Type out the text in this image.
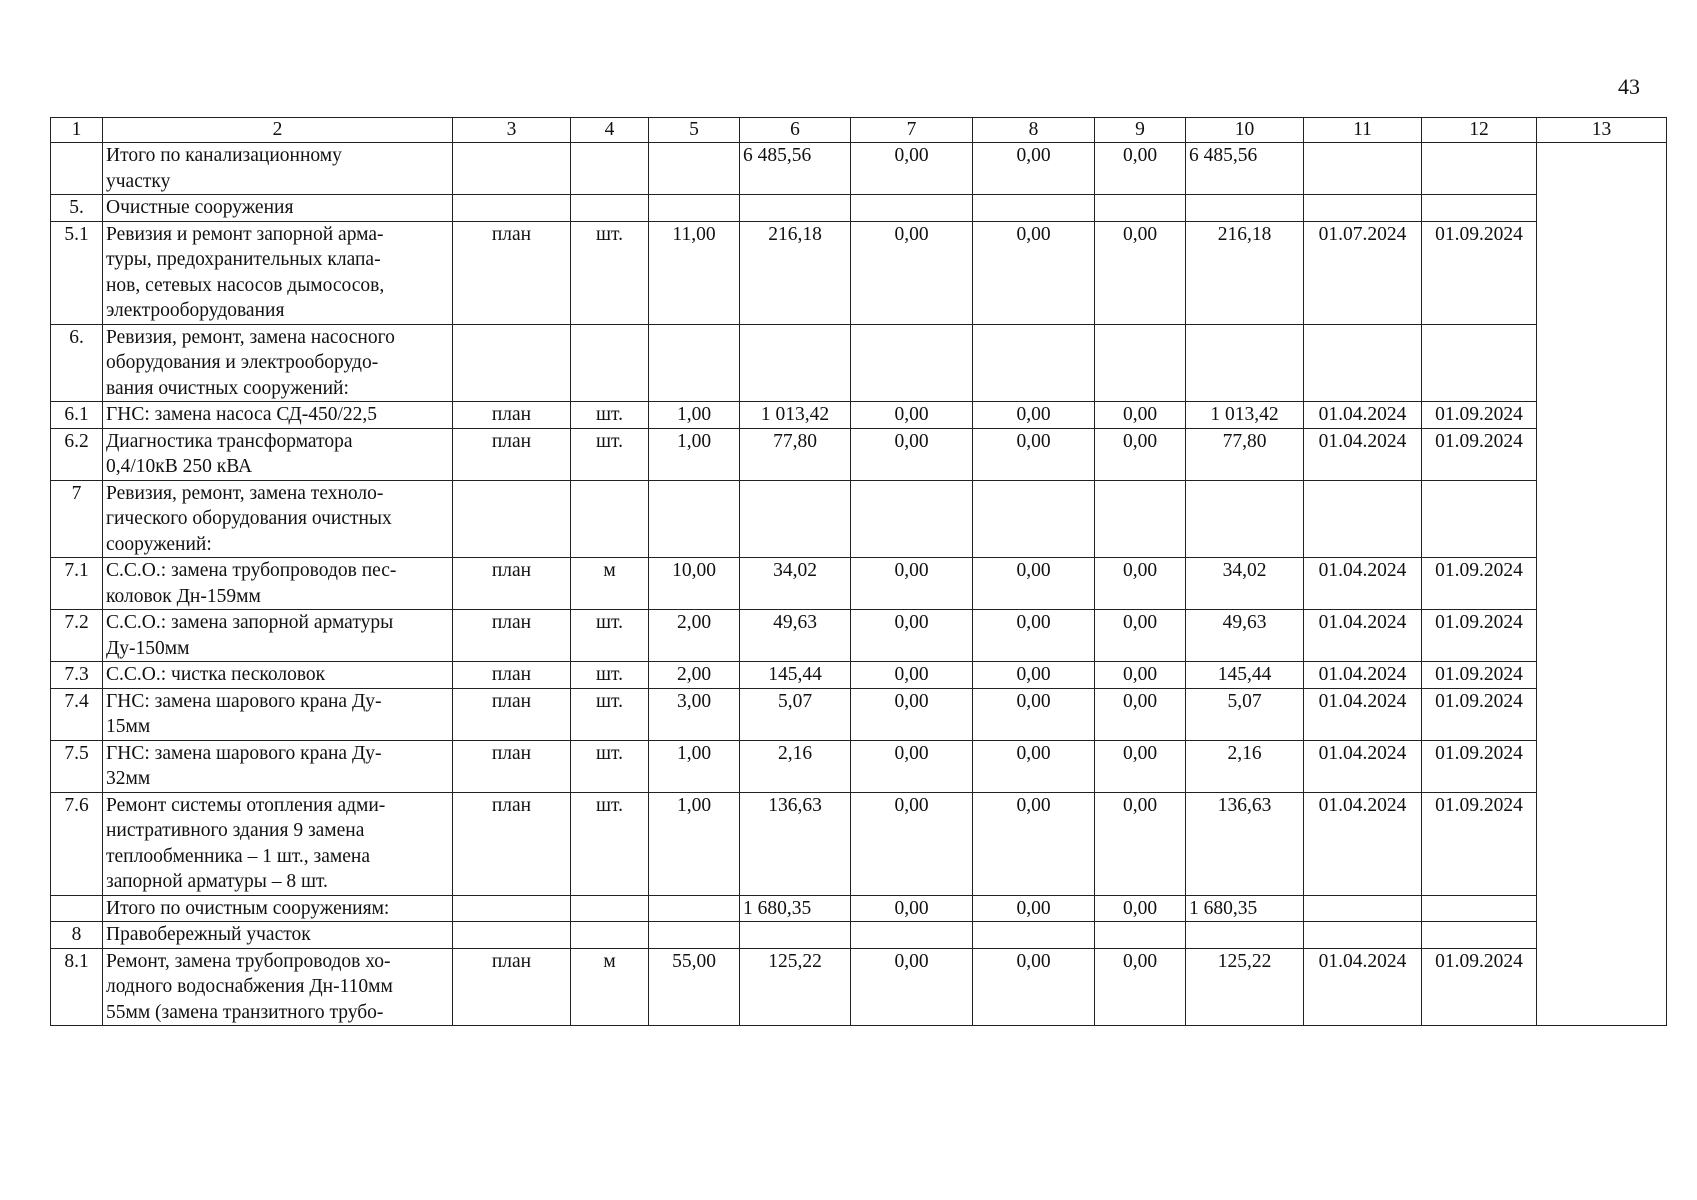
43
1	2	3	4	5	6	7	8	9	10	11	12	13
	Итого по канализационному
участку				6 485,56	0,00	0,00	0,00	6 485,56			
5.	Очистные сооружения											
5.1	Ревизия и ремонт запорной арма-
туры, предохранительных клапа-
нов, сетевых насосов дымососов,
электрооборудования	план	шт.	11,00	216,18	0,00	0,00	0,00	216,18	01.07.2024	01.09.2024	
6.	Ревизия, ремонт, замена насосного
оборудования и электрооборудо-
вания очистных сооружений:											
6.1	ГНС: замена насоса СД-450/22,5	план	шт.	1,00	1 013,42	0,00	0,00	0,00	1 013,42	01.04.2024	01.09.2024	
6.2	Диагностика трансформатора
0,4/10кВ 250 кВА	план	шт.	1,00	77,80	0,00	0,00	0,00	77,80	01.04.2024	01.09.2024	
7	Ревизия, ремонт, замена техноло-
гического оборудования очистных
сооружений:											
7.1	С.С.О.: замена трубопроводов пес-
коловок Дн-159мм	план	м	10,00	34,02	0,00	0,00	0,00	34,02	01.04.2024	01.09.2024	
7.2	С.С.О.: замена запорной арматуры
Ду-150мм	план	шт.	2,00	49,63	0,00	0,00	0,00	49,63	01.04.2024	01.09.2024	
7.3	С.С.О.: чистка песколовок	план	шт.	2,00	145,44	0,00	0,00	0,00	145,44	01.04.2024	01.09.2024	
7.4	ГНС: замена шарового крана Ду-
15мм	план	шт.	3,00	5,07	0,00	0,00	0,00	5,07	01.04.2024	01.09.2024	
7.5	ГНС: замена шарового крана Ду-
32мм	план	шт.	1,00	2,16	0,00	0,00	0,00	2,16	01.04.2024	01.09.2024	
7.6	Ремонт системы отопления адми-
нистративного здания 9 замена
теплообменника – 1 шт., замена
запорной арматуры – 8 шт.	план	шт.	1,00	136,63	0,00	0,00	0,00	136,63	01.04.2024	01.09.2024	
	Итого по очистным сооружениям:				1 680,35	0,00	0,00	0,00	1 680,35			
8	Правобережный участок											
8.1	Ремонт, замена трубопроводов хо-
лодного водоснабжения Дн-110мм
55мм (замена транзитного трубо-	план	м	55,00	125,22	0,00	0,00	0,00	125,22	01.04.2024	01.09.2024	
